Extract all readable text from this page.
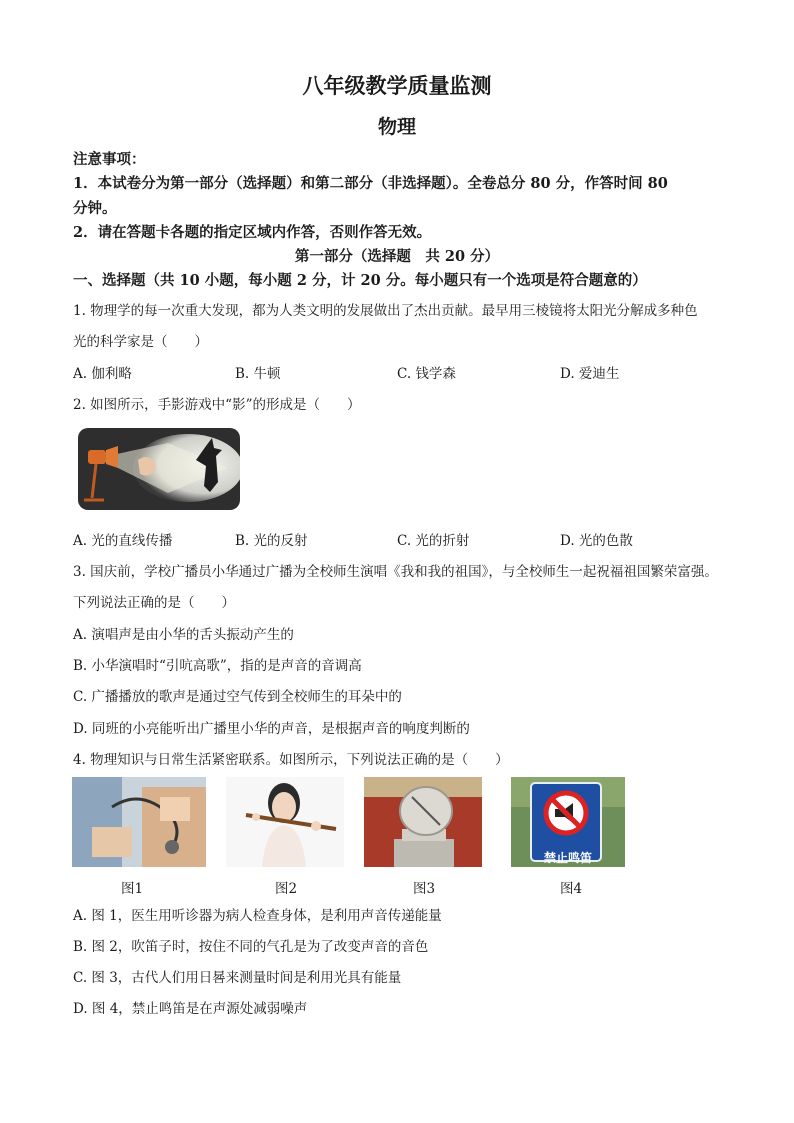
八年级教学质量监测
物理
注意事项：
1．本试卷分为第一部分（选择题）和第二部分（非选择题）。全卷总分 80 分，作答时间 80
分钟。
2．请在答题卡各题的指定区域内作答，否则作答无效。
第一部分（选择题　共 20 分）
一、选择题（共 10 小题，每小题 2 分，计 20 分。每小题只有一个选项是符合题意的）
1. 物理学的每一次重大发现，都为人类文明的发展做出了杰出贡献。最早用三棱镜将太阳光分解成多种色
光的科学家是（　　）
A. 伽利略	B. 牛顿	C. 钱学森	D. 爱迪生
2. 如图所示，手影游戏中“影”的形成是（　　）
A. 光的直线传播	B. 光的反射	C. 光的折射	D. 光的色散
3. 国庆前，学校广播员小华通过广播为全校师生演唱《我和我的祖国》，与全校师生一起祝福祖国繁荣富强。
下列说法正确的是（　　）
A. 演唱声是由小华的舌头振动产生的
B. 小华演唱时“引吭高歌”，指的是声音的音调高
C. 广播播放的歌声是通过空气传到全校师生的耳朵中的
D. 同班的小亮能听出广播里小华的声音，是根据声音的响度判断的
4. 物理知识与日常生活紧密联系。如图所示，下列说法正确的是（　　）
禁止鸣笛
图1	图2	图3	图4
A. 图 1，医生用听诊器为病人检查身体，是利用声音传递能量
B. 图 2，吹笛子时，按住不同的气孔是为了改变声音的音色
C. 图 3，古代人们用日晷来测量时间是利用光具有能量
D. 图 4，禁止鸣笛是在声源处减弱噪声
